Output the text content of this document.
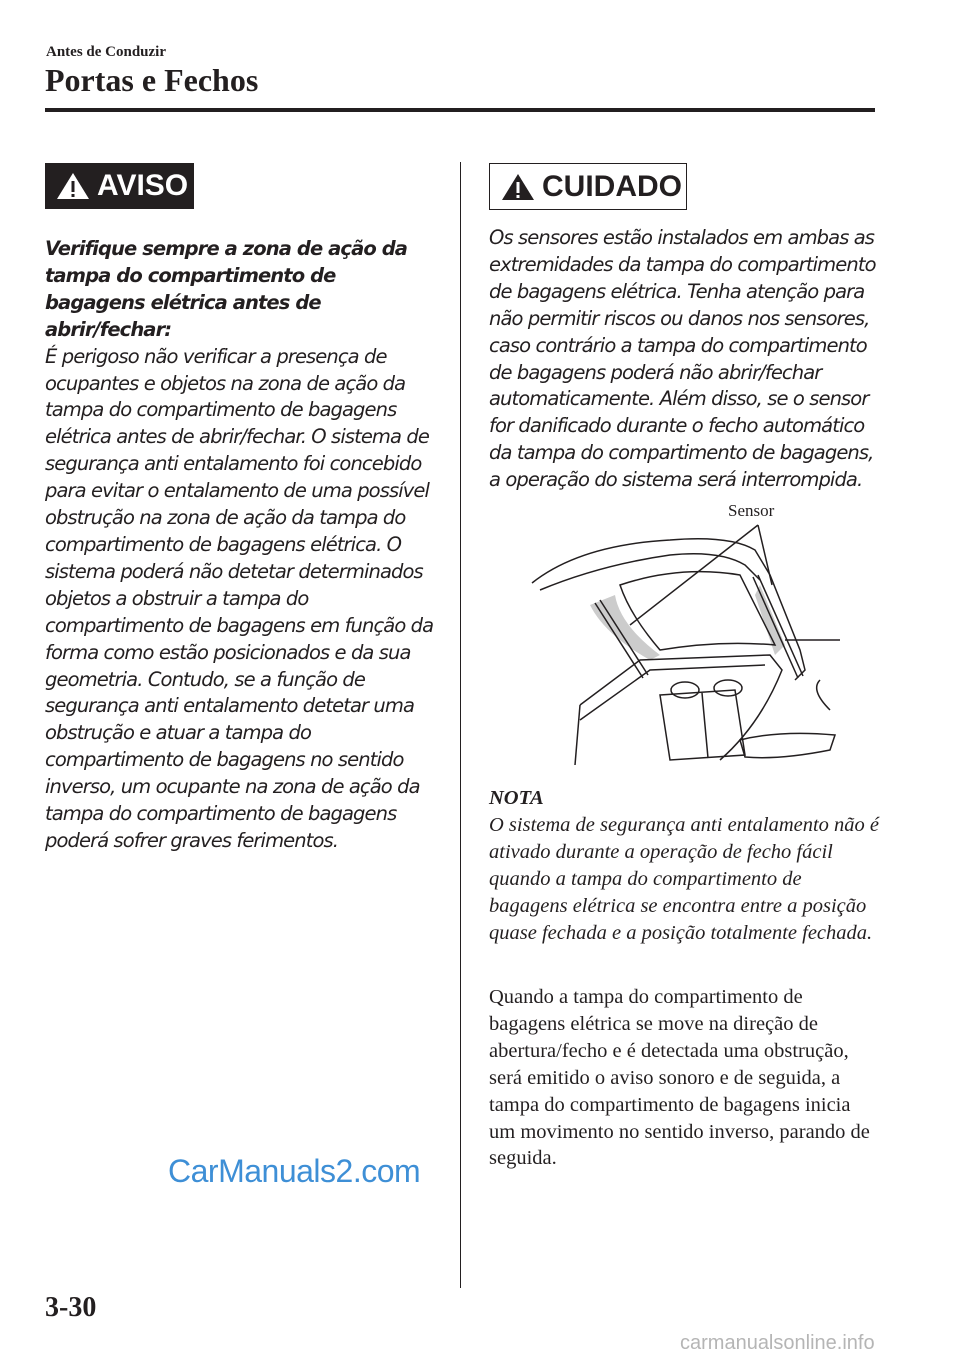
Antes de Conduzir
Portas e Fechos
AVISO
Verifique sempre a zona de ação da tampa do compartimento de bagagens elétrica antes de abrir/fechar:
É perigoso não verificar a presença de ocupantes e objetos na zona de ação da tampa do compartimento de bagagens elétrica antes de abrir/fechar. O sistema de segurança anti entalamento foi concebido para evitar o entalamento de uma possível obstrução na zona de ação da tampa do compartimento de bagagens elétrica. O sistema poderá não detetar determinados objetos a obstruir a tampa do compartimento de bagagens em função da forma como estão posicionados e da sua geometria. Contudo, se a função de segurança anti entalamento detetar uma obstrução e atuar a tampa do compartimento de bagagens no sentido inverso, um ocupante na zona de ação da tampa do compartimento de bagagens poderá sofrer graves ferimentos.
CUIDADO
Os sensores estão instalados em ambas as extremidades da tampa do compartimento de bagagens elétrica. Tenha atenção para não permitir riscos ou danos nos sensores, caso contrário a tampa do compartimento de bagagens poderá não abrir/fechar automaticamente. Além disso, se o sensor for danificado durante o fecho automático da tampa do compartimento de bagagens, a operação do sistema será interrompida.
Sensor
NOTA
O sistema de segurança anti entalamento não é ativado durante a operação de fecho fácil quando a tampa do compartimento de bagagens elétrica se encontra entre a posição quase fechada e a posição totalmente fechada.
Quando a tampa do compartimento de bagagens elétrica se move na direção de abertura/fecho e é detectada uma obstrução, será emitido o aviso sonoro e de seguida, a tampa do compartimento de bagagens inicia um movimento no sentido inverso, parando de seguida.
CarManuals2.com
3-30
carmanualsonline.info
